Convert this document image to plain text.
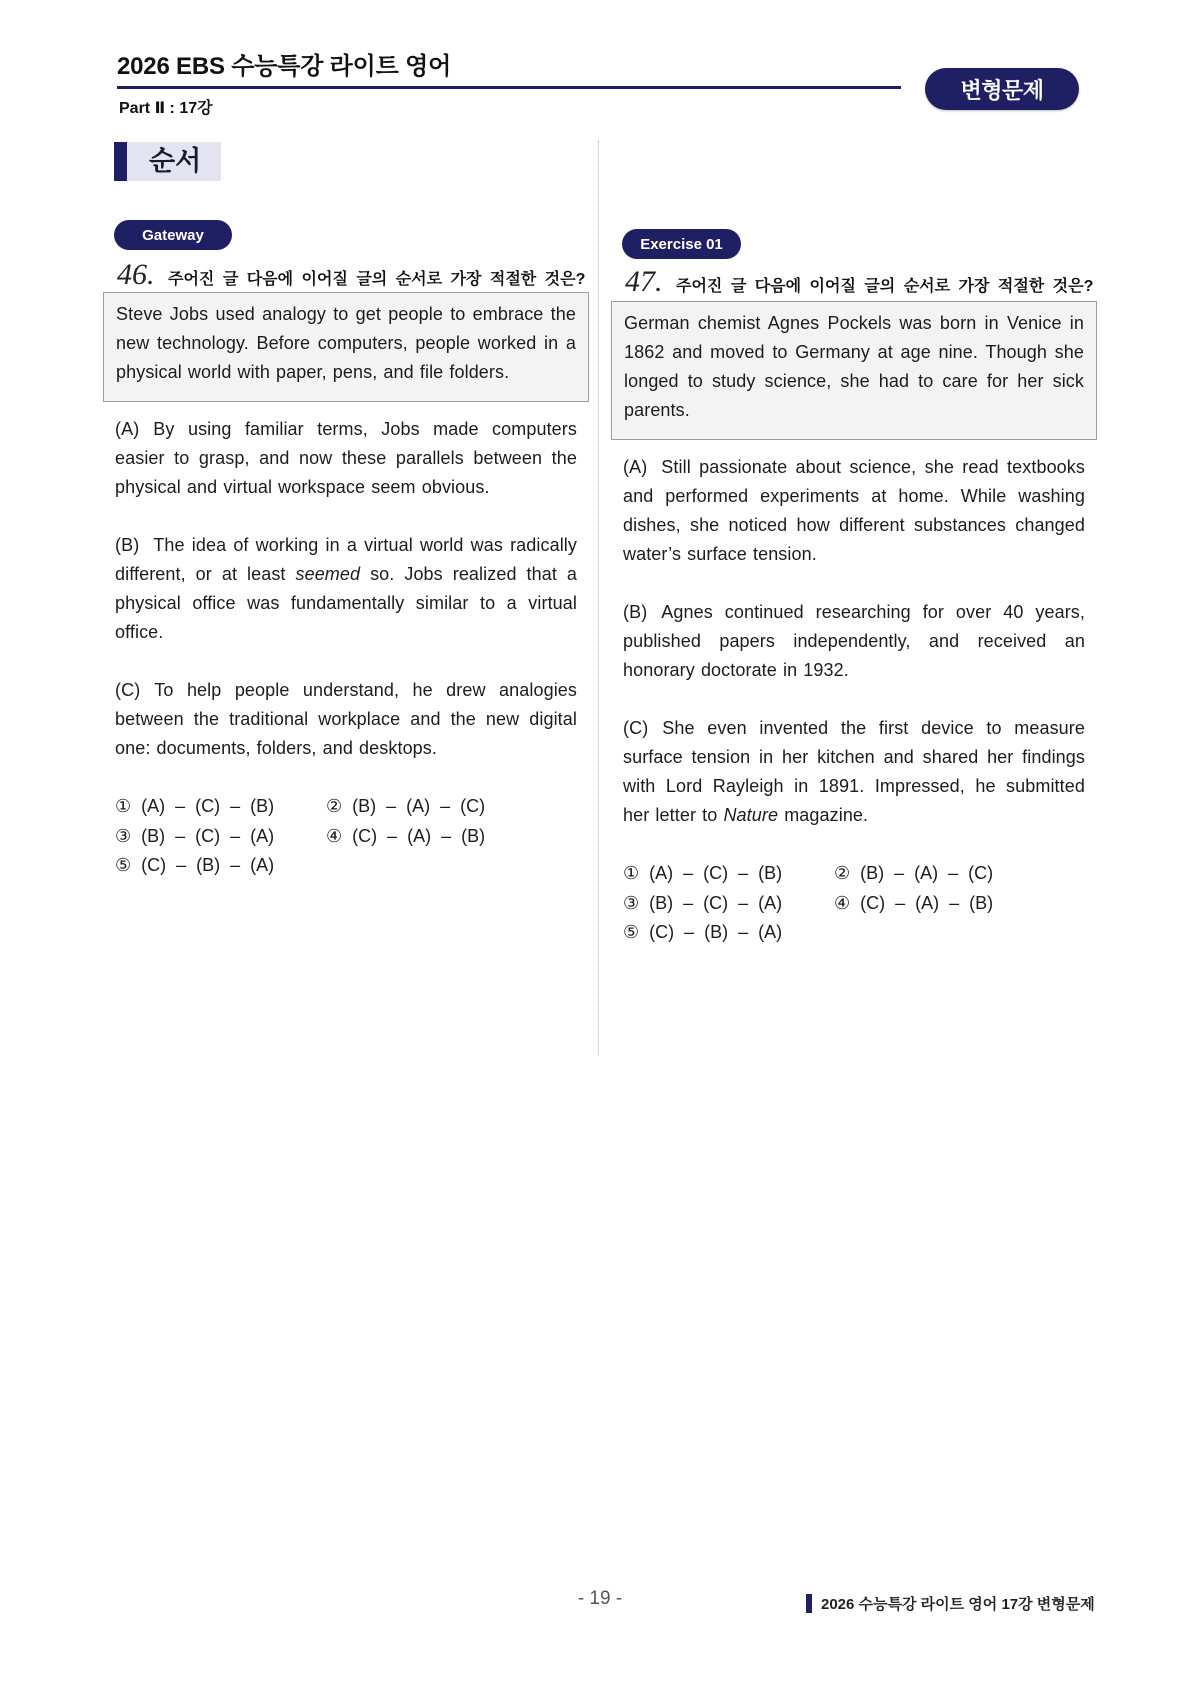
2026 EBS 수능특강 라이트 영어
Part Ⅱ : 17강
변형문제
순서
Gateway
46. 주어진 글 다음에 이어질 글의 순서로 가장 적절한 것은?
Steve Jobs used analogy to get people to embrace the new technology. Before computers, people worked in a physical world with paper, pens, and file folders.

(A) By using familiar terms, Jobs made computers easier to grasp, and now these parallels between the physical and virtual workspace seem obvious.

(B) The idea of working in a virtual world was radically different, or at least seemed so. Jobs realized that a physical office was fundamentally similar to a virtual office.

(C) To help people understand, he drew analogies between the traditional workplace and the new digital one: documents, folders, and desktops.

① (A) – (C) – (B)	② (B) – (A) – (C)
③ (B) – (C) – (A)	④ (C) – (A) – (B)
⑤ (C) – (B) – (A)
Exercise 01
47. 주어진 글 다음에 이어질 글의 순서로 가장 적절한 것은?
German chemist Agnes Pockels was born in Venice in 1862 and moved to Germany at age nine. Though she longed to study science, she had to care for her sick parents.

(A) Still passionate about science, she read textbooks and performed experiments at home. While washing dishes, she noticed how different substances changed water’s surface tension.

(B) Agnes continued researching for over 40 years, published papers independently, and received an honorary doctorate in 1932.

(C) She even invented the first device to measure surface tension in her kitchen and shared her findings with Lord Rayleigh in 1891. Impressed, he submitted her letter to Nature magazine.

① (A) – (C) – (B)	② (B) – (A) – (C)
③ (B) – (C) – (A)	④ (C) – (A) – (B)
⑤ (C) – (B) – (A)
- 19 -	2026 수능특강 라이트 영어 17강 변형문제
